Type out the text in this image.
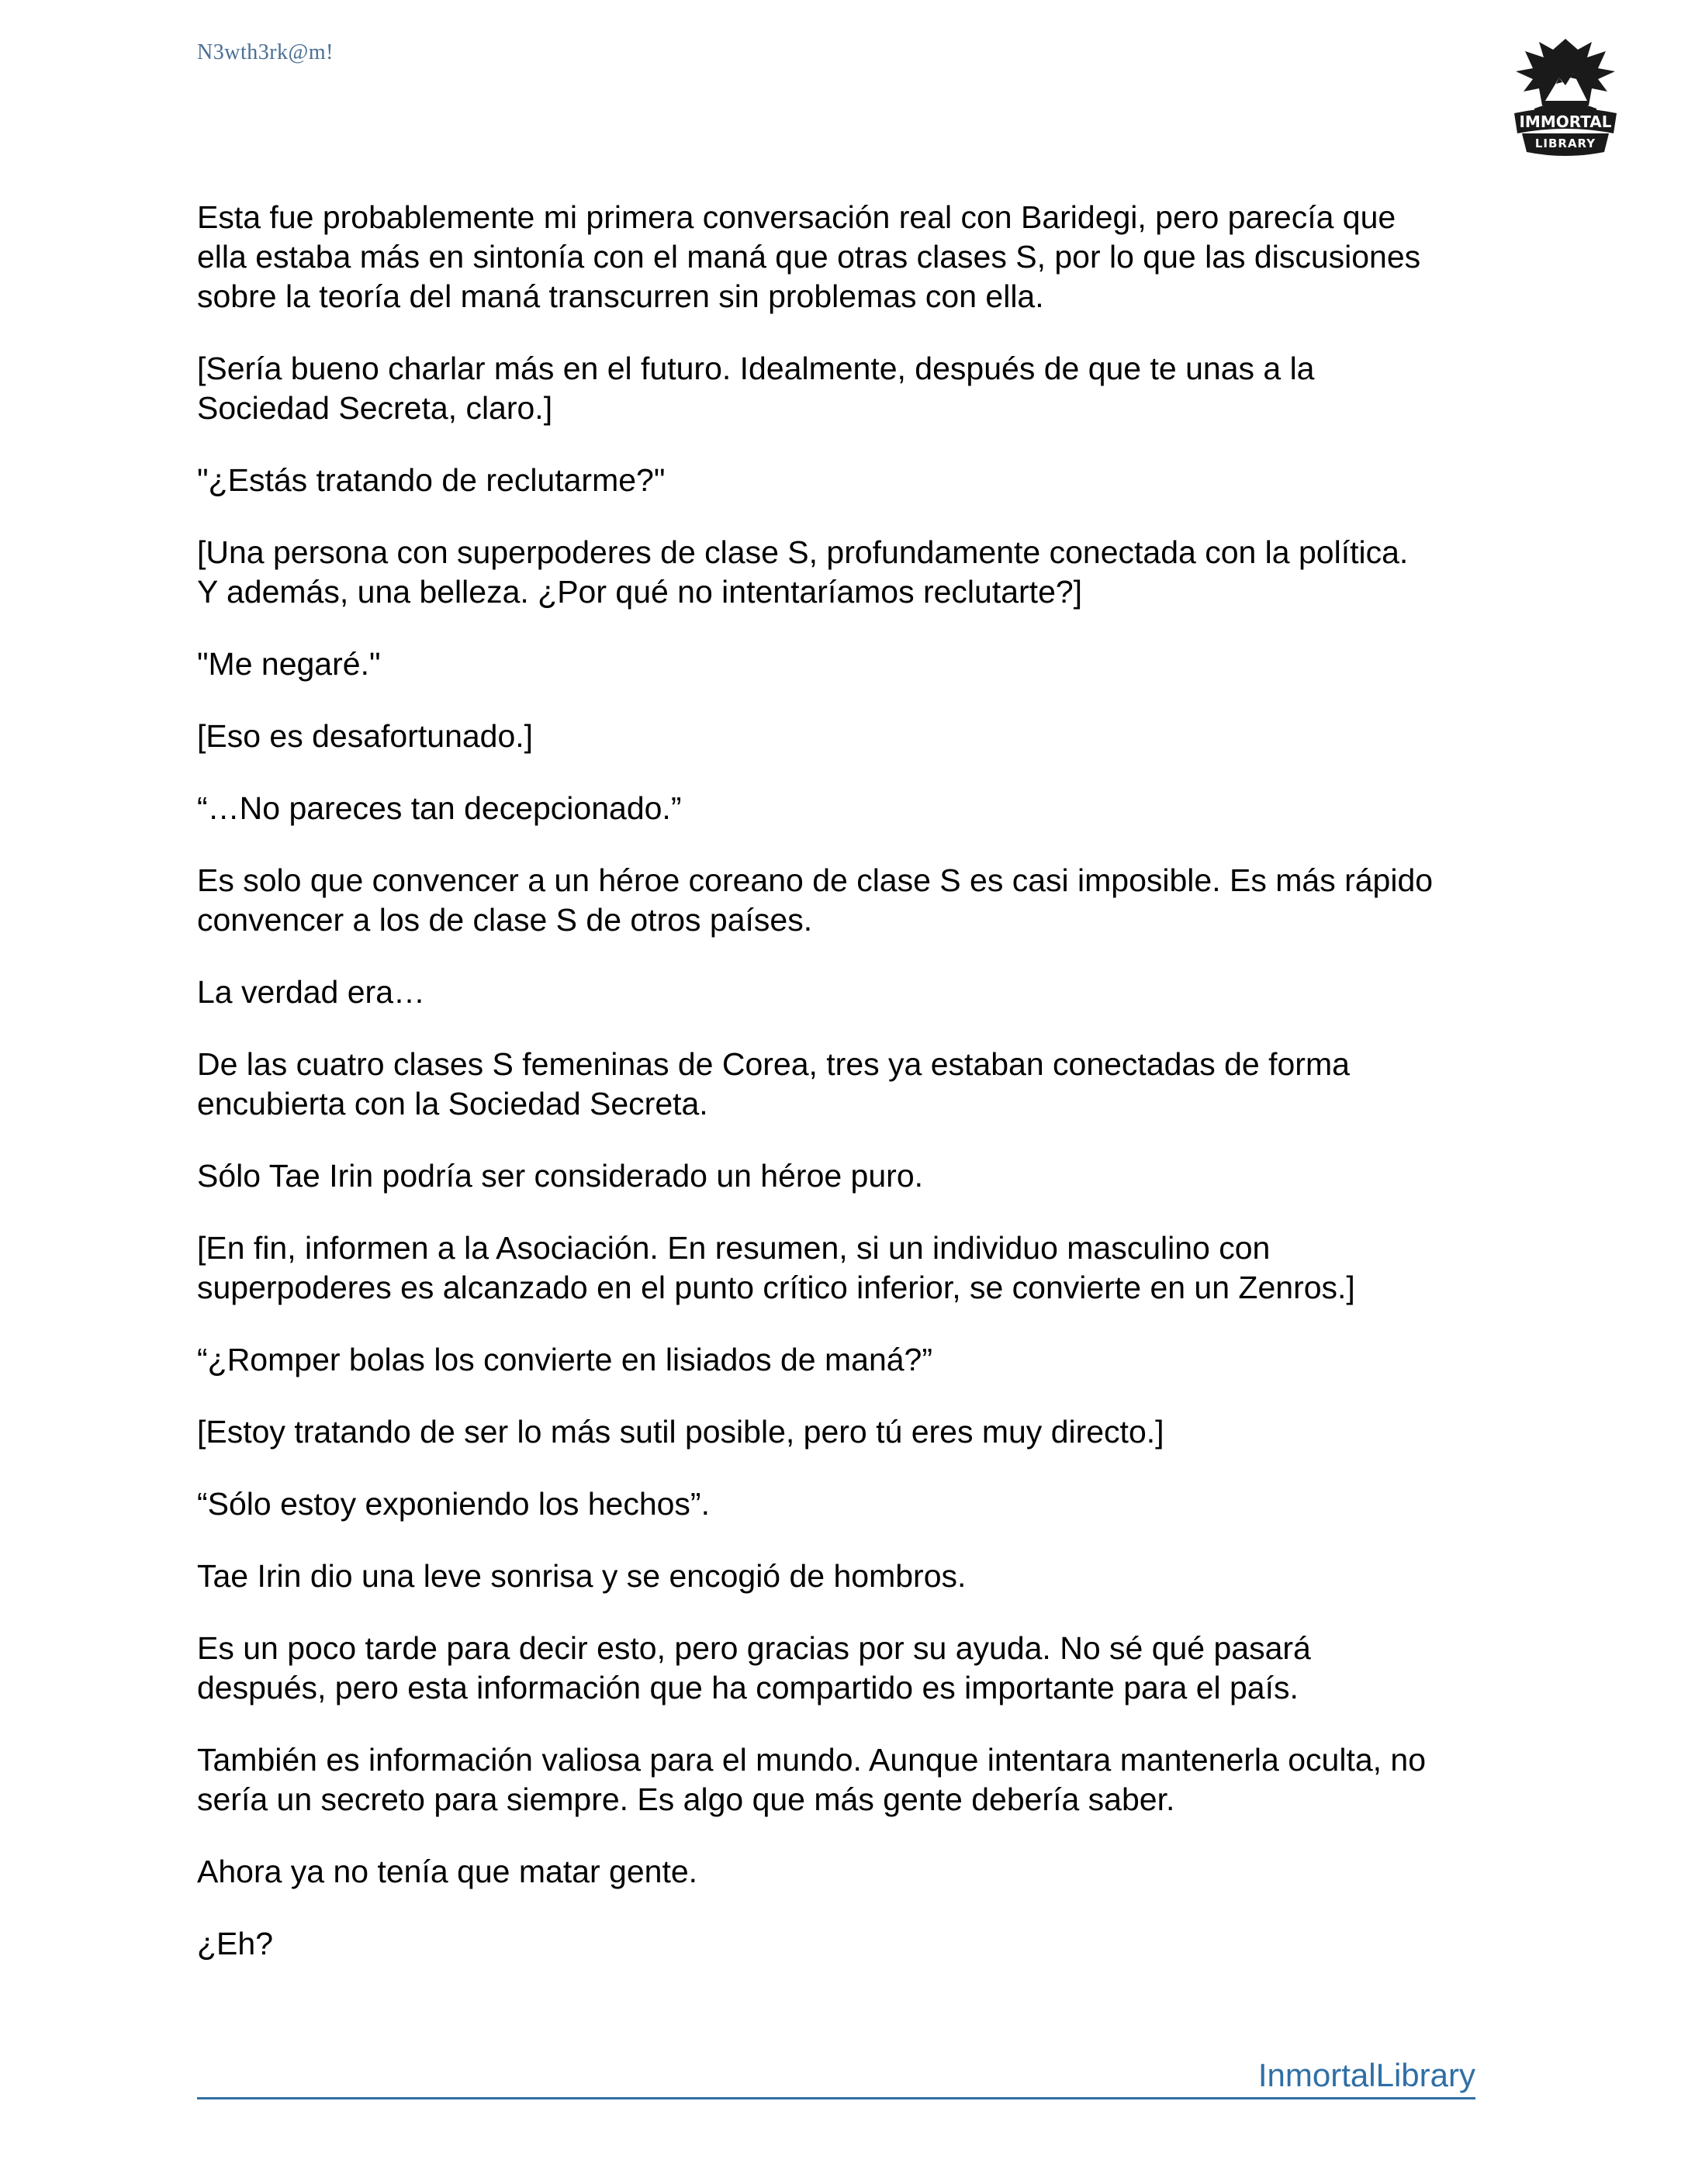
N3wth3rk@m!
IMMORTAL
LIBRARY

Esta fue probablemente mi primera conversación real con Baridegi, pero parecía que
ella estaba más en sintonía con el maná que otras clases S, por lo que las discusiones
sobre la teoría del maná transcurren sin problemas con ella.

[Sería bueno charlar más en el futuro. Idealmente, después de que te unas a la
Sociedad Secreta, claro.]

"¿Estás tratando de reclutarme?"

[Una persona con superpoderes de clase S, profundamente conectada con la política.
Y además, una belleza. ¿Por qué no intentaríamos reclutarte?]

"Me negaré."

[Eso es desafortunado.]

“…No pareces tan decepcionado.”

Es solo que convencer a un héroe coreano de clase S es casi imposible. Es más rápido
convencer a los de clase S de otros países.

La verdad era…

De las cuatro clases S femeninas de Corea, tres ya estaban conectadas de forma
encubierta con la Sociedad Secreta.

Sólo Tae Irin podría ser considerado un héroe puro.

[En fin, informen a la Asociación. En resumen, si un individuo masculino con
superpoderes es alcanzado en el punto crítico inferior, se convierte en un Zenros.]

“¿Romper bolas los convierte en lisiados de maná?”

[Estoy tratando de ser lo más sutil posible, pero tú eres muy directo.]

“Sólo estoy exponiendo los hechos”.

Tae Irin dio una leve sonrisa y se encogió de hombros.

Es un poco tarde para decir esto, pero gracias por su ayuda. No sé qué pasará
después, pero esta información que ha compartido es importante para el país.

También es información valiosa para el mundo. Aunque intentara mantenerla oculta, no
sería un secreto para siempre. Es algo que más gente debería saber.

Ahora ya no tenía que matar gente.

¿Eh?

InmortalLibrary
